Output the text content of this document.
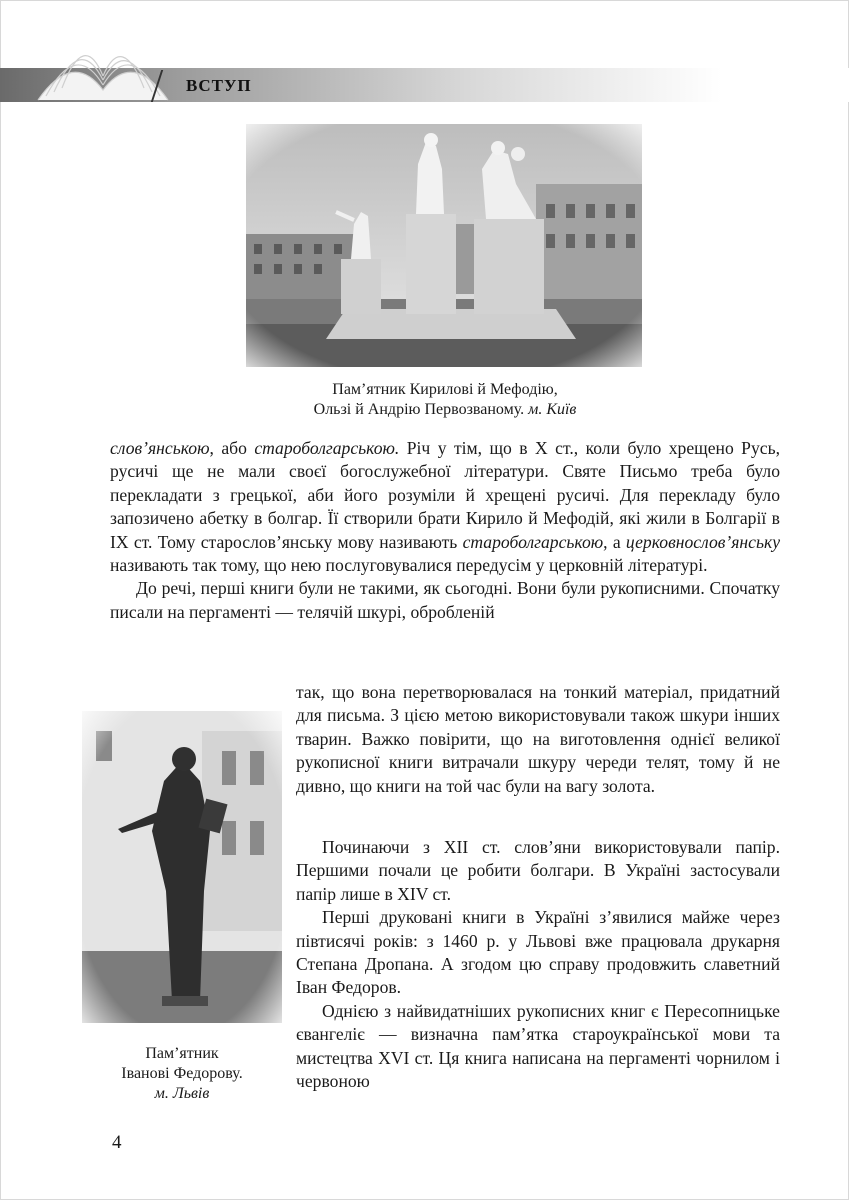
ВСТУП
Пам’ятник Кирилові й Мефодію,
Ользі й Андрію Первозваному. м. Київ

слов’янською, або староболгарською. Річ у тім, що в Х ст., коли було хрещено Русь, русичі ще не мали своєї богослужебної літератури. Святе Письмо треба було перекладати з грецької, аби його розуміли й хрещені русичі. Для перекладу було запозичено абетку в болгар. Її створили брати Кирило й Мефодій, які жили в Болгарії в ІХ ст. Тому старослов’янську мову називають староболгарською, а церковнослов’янську називають так тому, що нею послуговувалися передусім у церковній літературі.

До речі, перші книги були не такими, як сьогодні. Вони були рукописними. Спочатку писали на пергаменті — телячій шкурі, обробленій

так, що вона перетворювалася на тонкий матеріал, придатний для письма. З цією метою використовували також шкури інших тварин. Важко повірити, що на виготовлення однієї великої рукописної книги витрачали шкуру череди телят, тому й не дивно, що книги на той час були на вагу золота.

Починаючи з XII ст. слов’яни використовували папір. Першими почали це робити болгари. В Україні застосували папір лише в XIV ст.

Перші друковані книги в Україні з’явилися майже через півтисячі років: з 1460 р. у Львові вже працювала друкарня Степана Дропана. А згодом цю справу продовжить славетний Іван Федоров.

Однією з найвидатніших рукописних книг є Пересопницьке євангеліє — визначна пам’ятка староукраїнської мови та мистецтва XVI ст. Ця книга написана на пергаменті чорнилом і червоною

Пам’ятник
Іванові Федорову.
м. Львів
4
